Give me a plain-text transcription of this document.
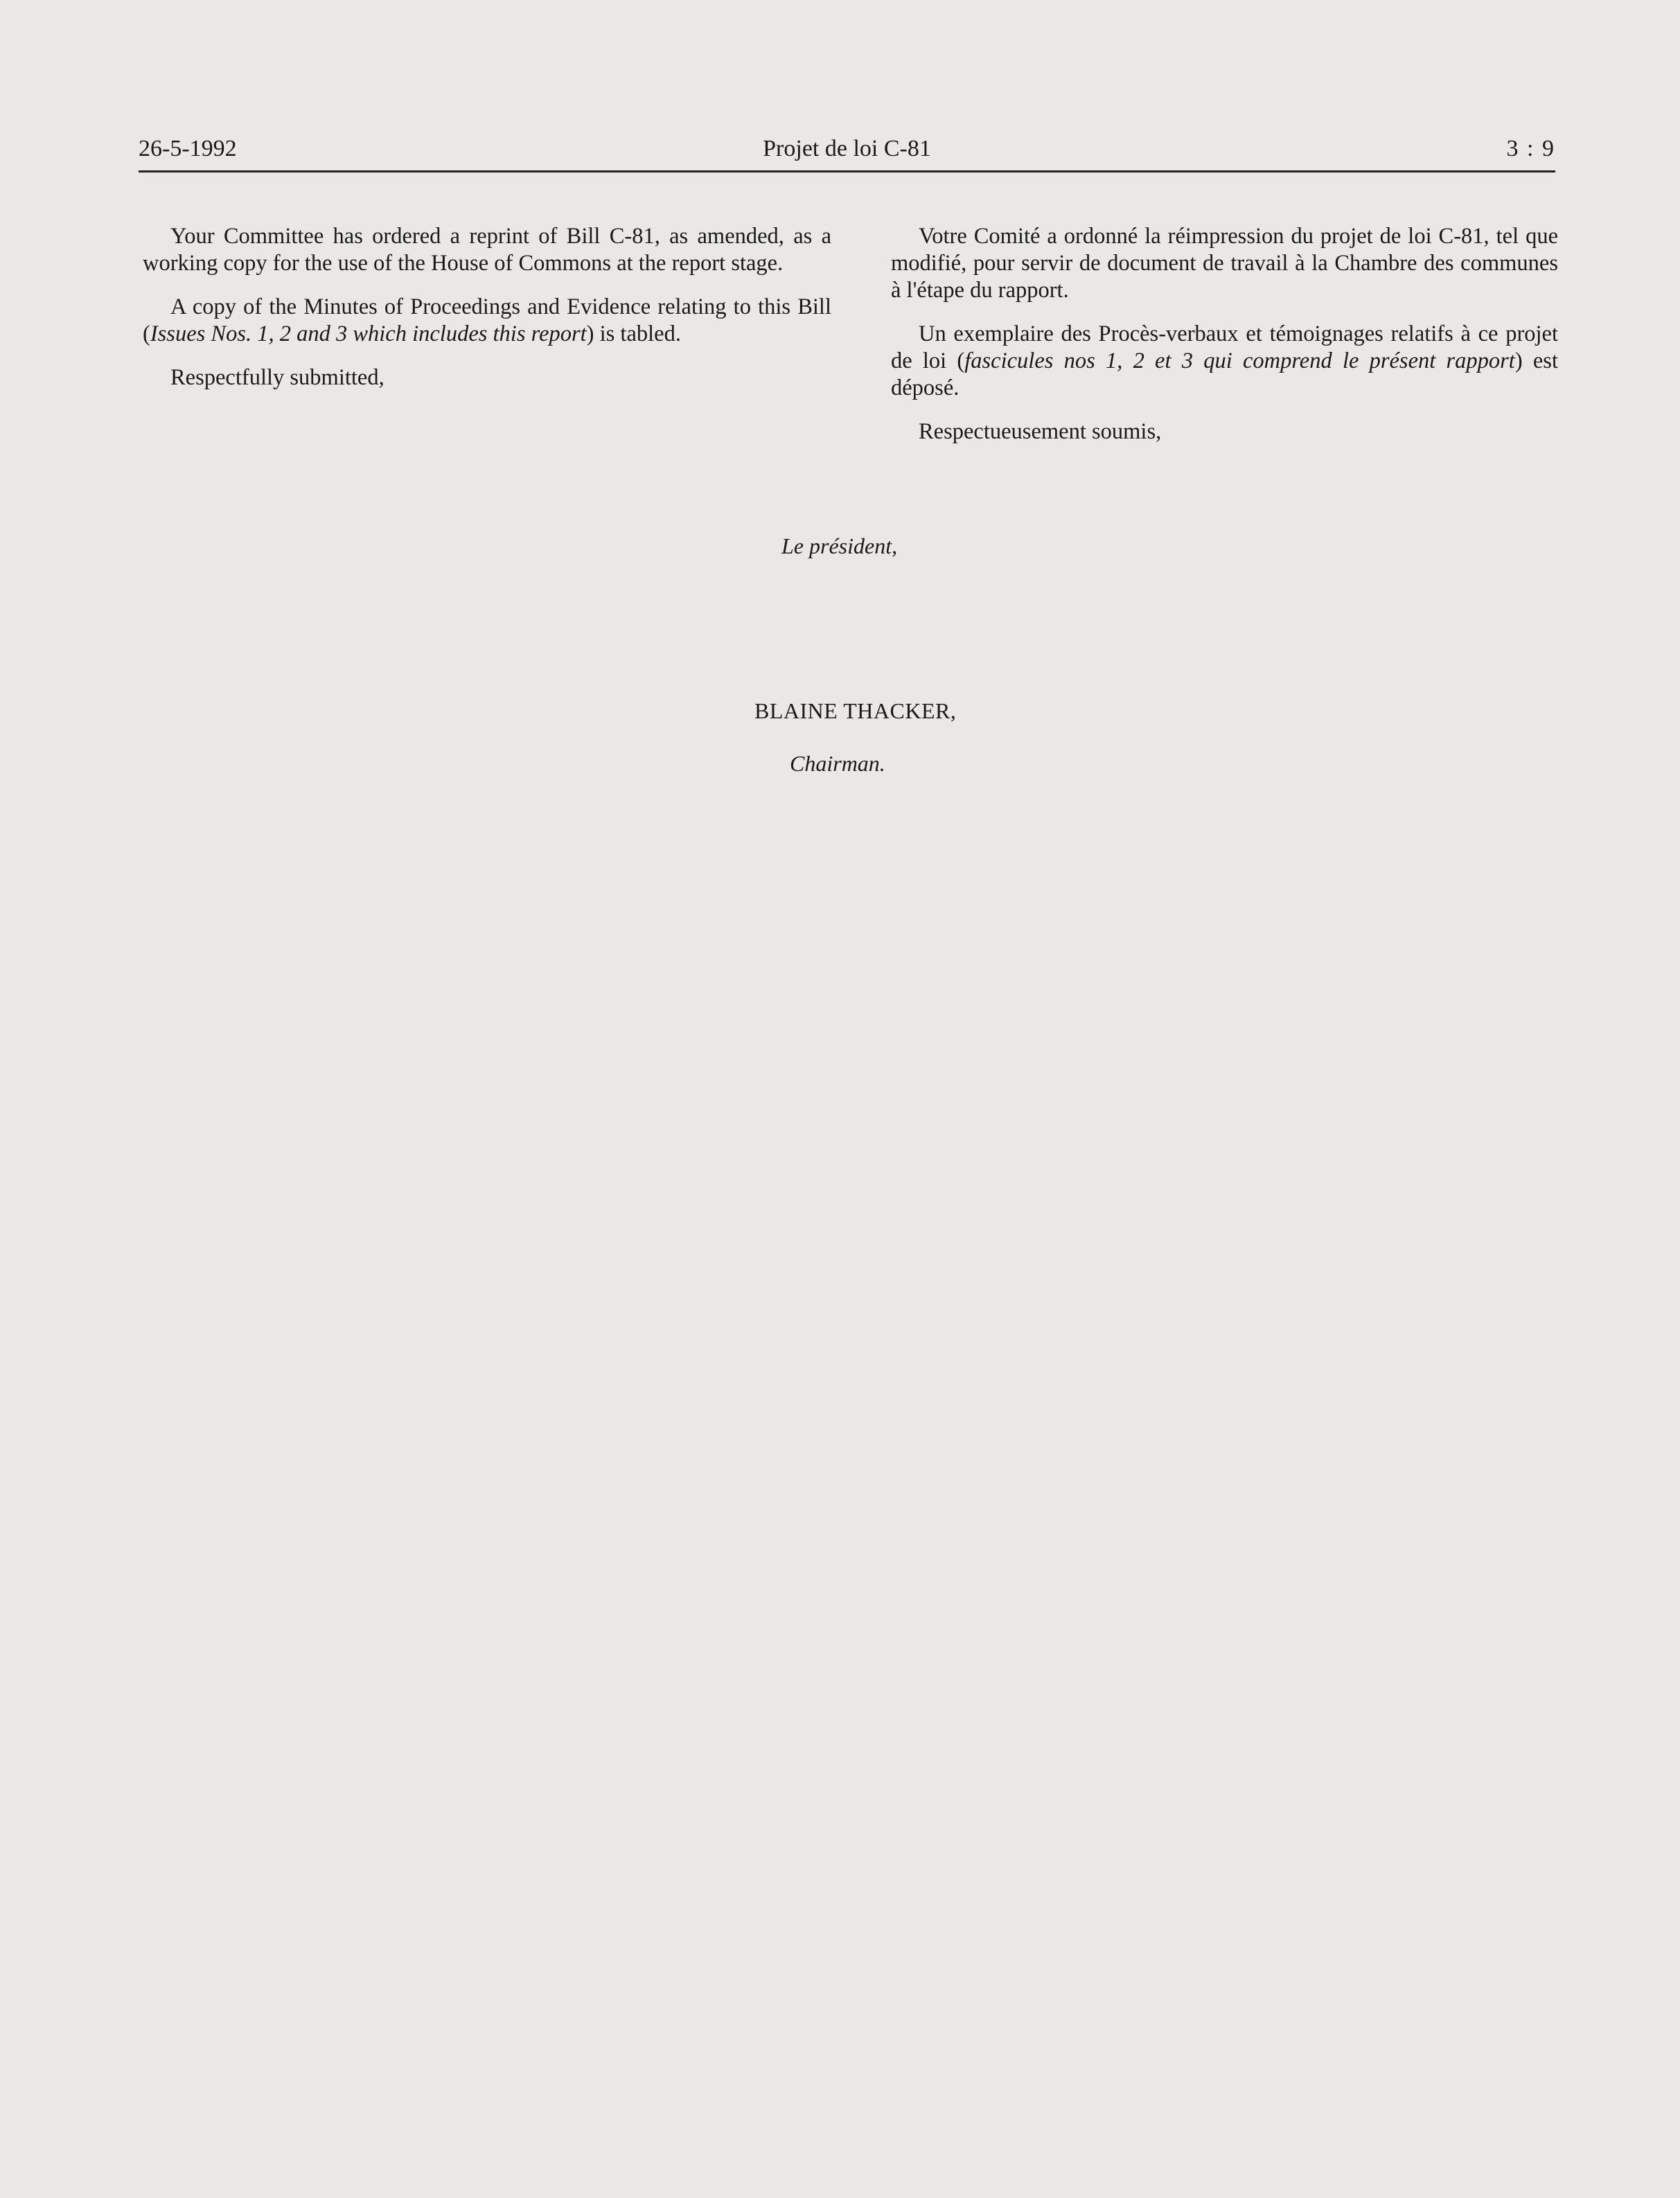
26-5-1992	Projet de loi C-81	3 : 9

Your Committee has ordered a reprint of Bill C-81, as amended, as a working copy for the use of the House of Commons at the report stage.

A copy of the Minutes of Proceedings and Evidence relating to this Bill (Issues Nos. 1, 2 and 3 which includes this report) is tabled.

Respectfully submitted,

Votre Comité a ordonné la réimpression du projet de loi C-81, tel que modifié, pour servir de document de travail à la Chambre des communes à l'étape du rapport.

Un exemplaire des Procès-verbaux et témoignages relatifs à ce projet de loi (fascicules nos 1, 2 et 3 qui comprend le présent rapport) est déposé.

Respectueusement soumis,

Le président,
BLAINE THACKER,
Chairman.
